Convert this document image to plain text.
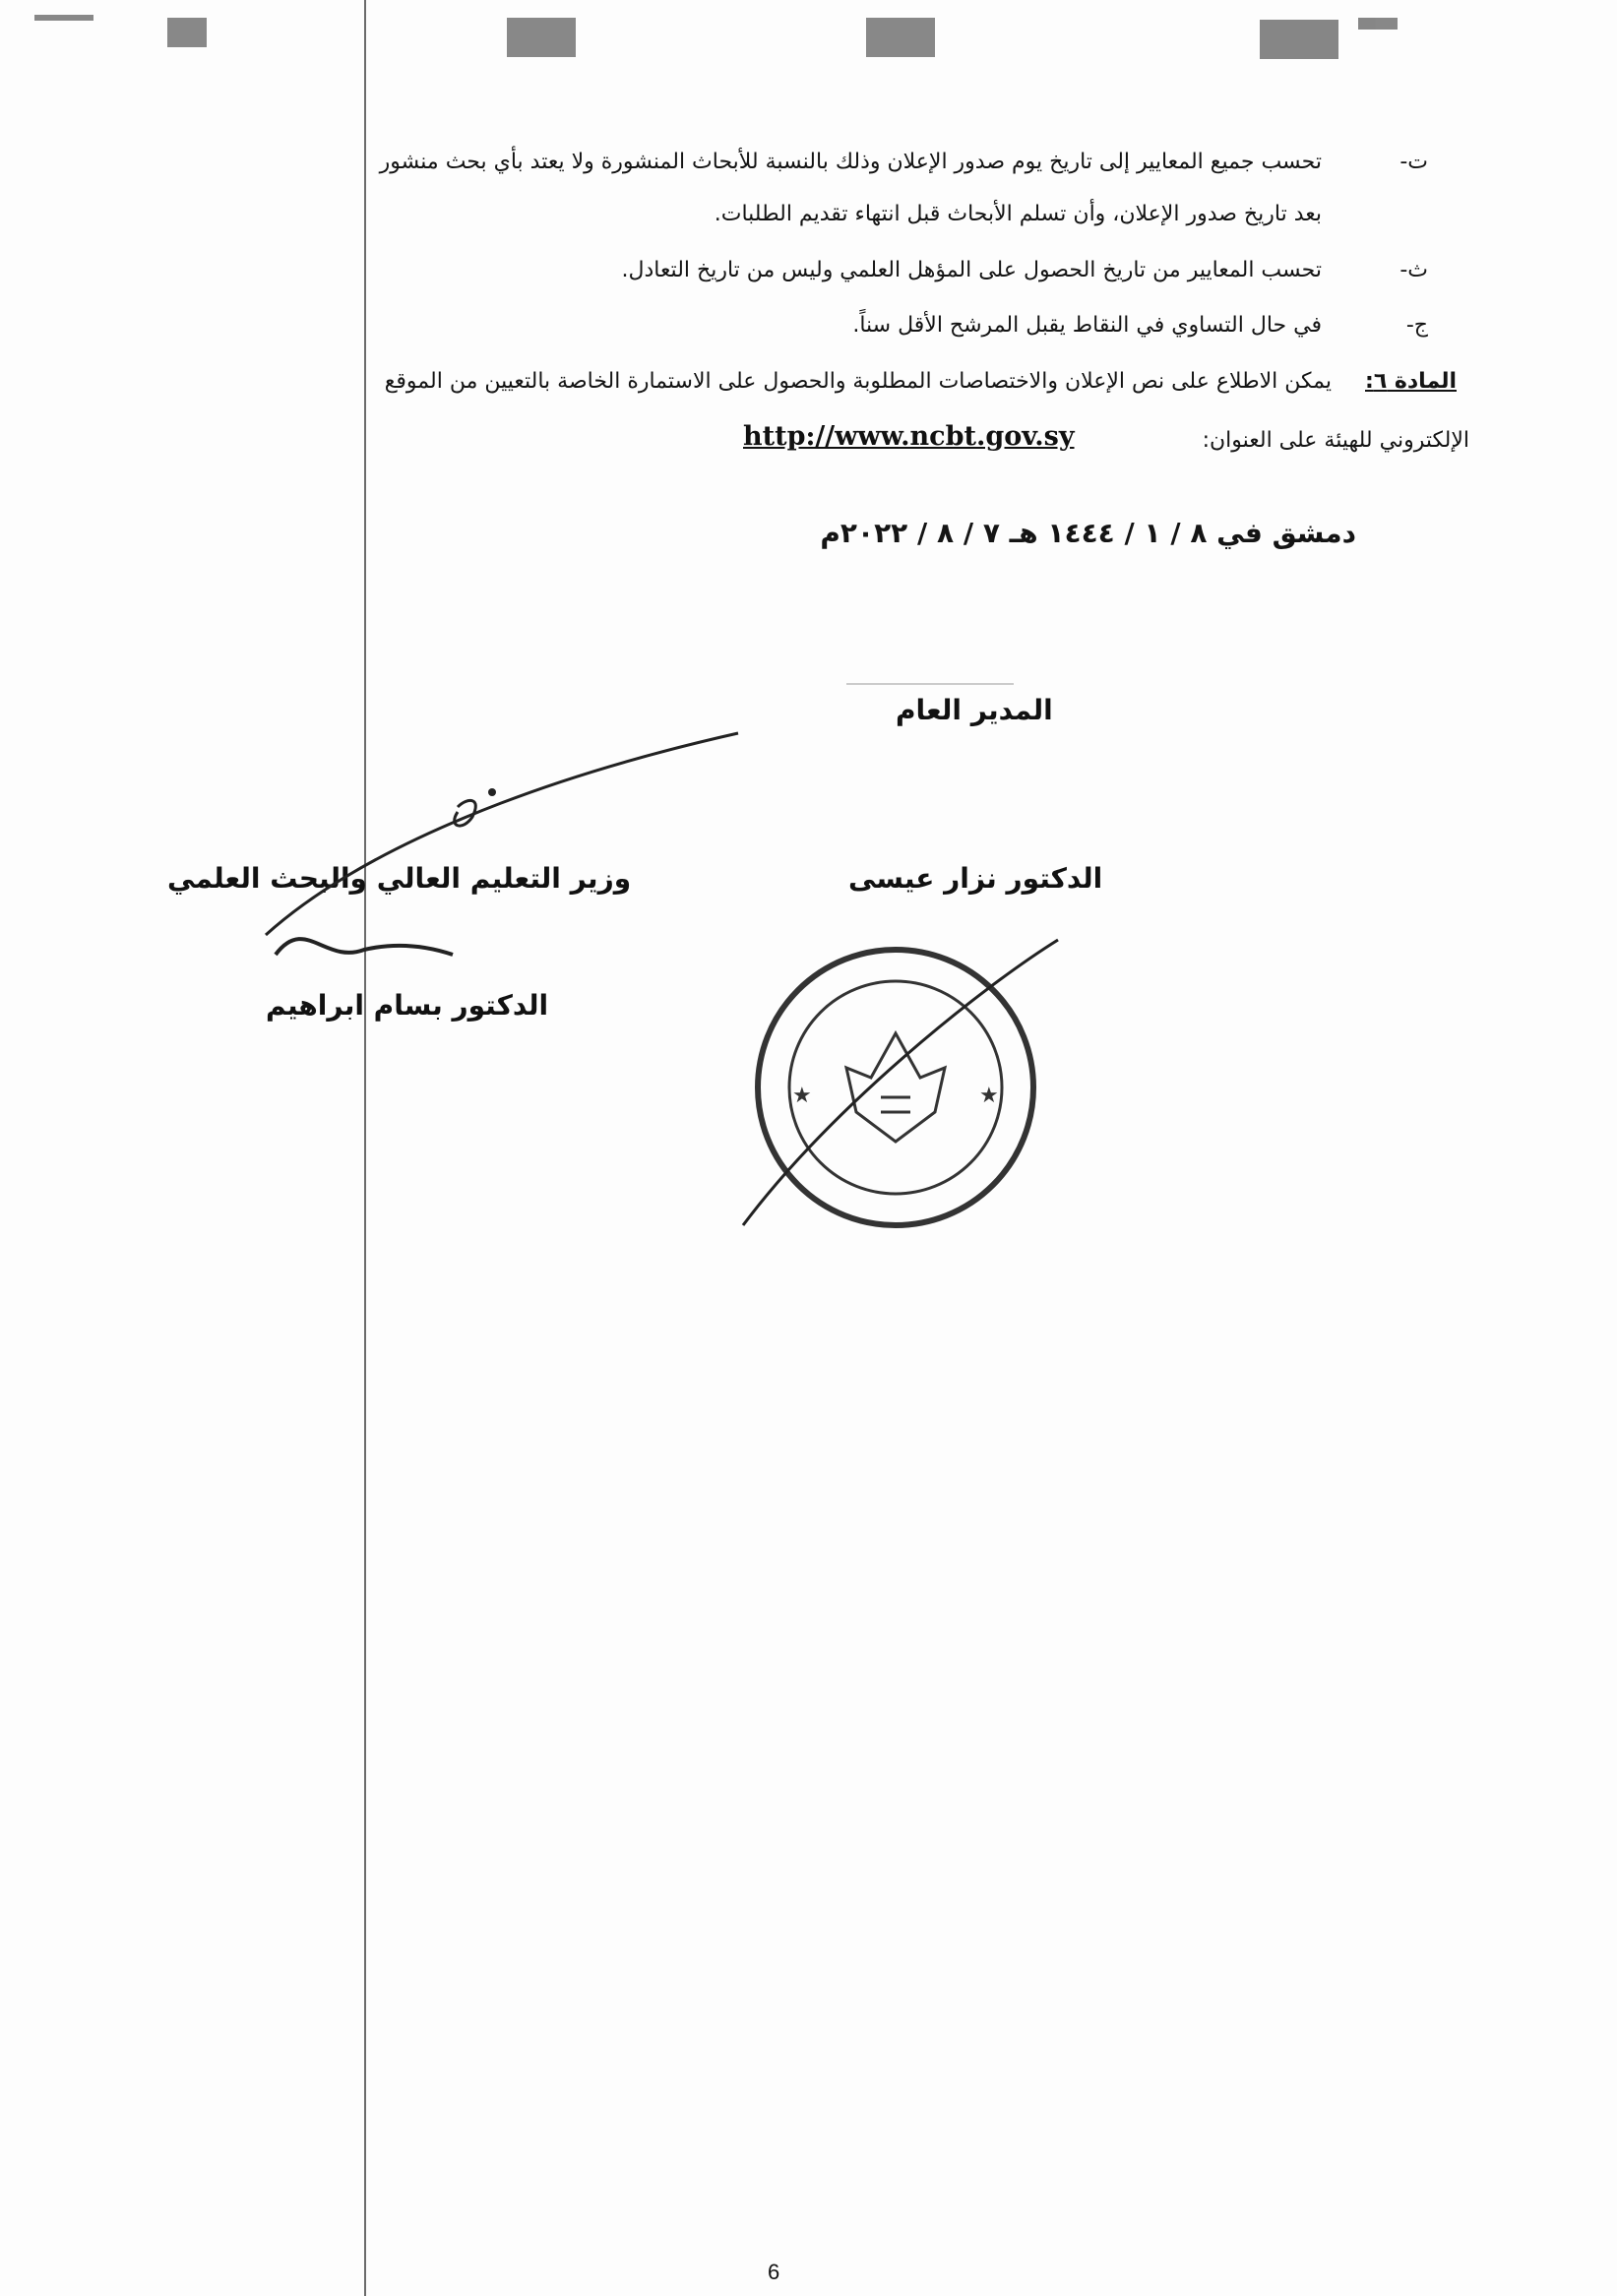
ت-
تحسب جميع المعايير إلى تاريخ يوم صدور الإعلان وذلك بالنسبة للأبحاث المنشورة ولا يعتد بأي بحث منشور
بعد تاريخ صدور الإعلان، وأن تسلم الأبحاث قبل انتهاء تقديم الطلبات.
ث-
تحسب المعايير من تاريخ الحصول على المؤهل العلمي وليس من تاريخ التعادل.
ج-
في حال التساوي في النقاط يقبل المرشح الأقل سناً.
المادة ٦:
يمكن الاطلاع على نص الإعلان والاختصاصات المطلوبة والحصول على الاستمارة الخاصة بالتعيين من الموقع
الإلكتروني للهيئة على العنوان:
http://www.ncbt.gov.sy
دمشق في ٨ / ١ / ١٤٤٤ هـ ٧ / ٨ / ٢٠٢٢م
المدير العام
الدكتور نزار عيسى
وزير التعليم العالي والبحث العلمي
الدكتور بسام ابراهيم
★	★
6
